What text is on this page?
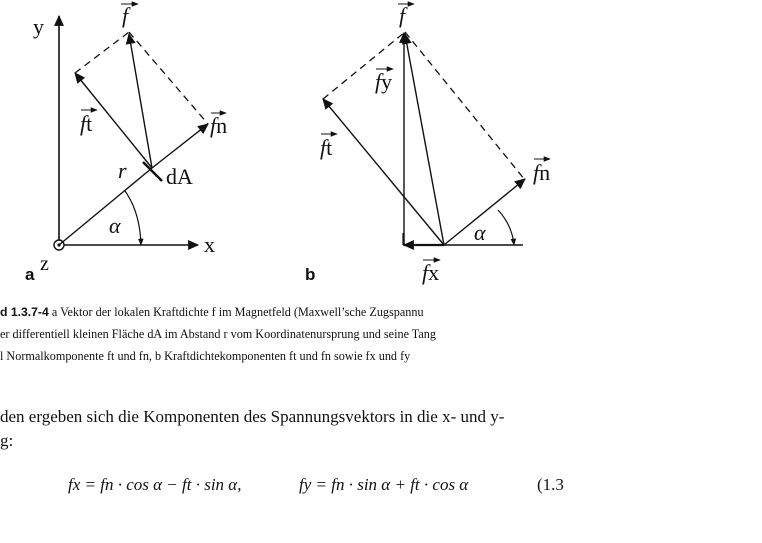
y
x
z
a
f
ft	fn
r dA
α
b
f
fy
ft
fn
fx
α
d 1.3.7-4 a Vektor der lokalen Kraftdichte f im Magnetfeld (Maxwell’sche Zugspannu
er differentiell kleinen Fläche dA im Abstand r vom Koordinatenursprung und seine Tang
l Normalkomponente ft und fn, b Kraftdichtekomponenten ft und fn sowie fx und fy
den ergeben sich die Komponenten des Spannungsvektors in die x- und y-
g:
fx = fn · cos α − ft · sin α,	fy = fn · sin α + ft · cos α	(1.3
